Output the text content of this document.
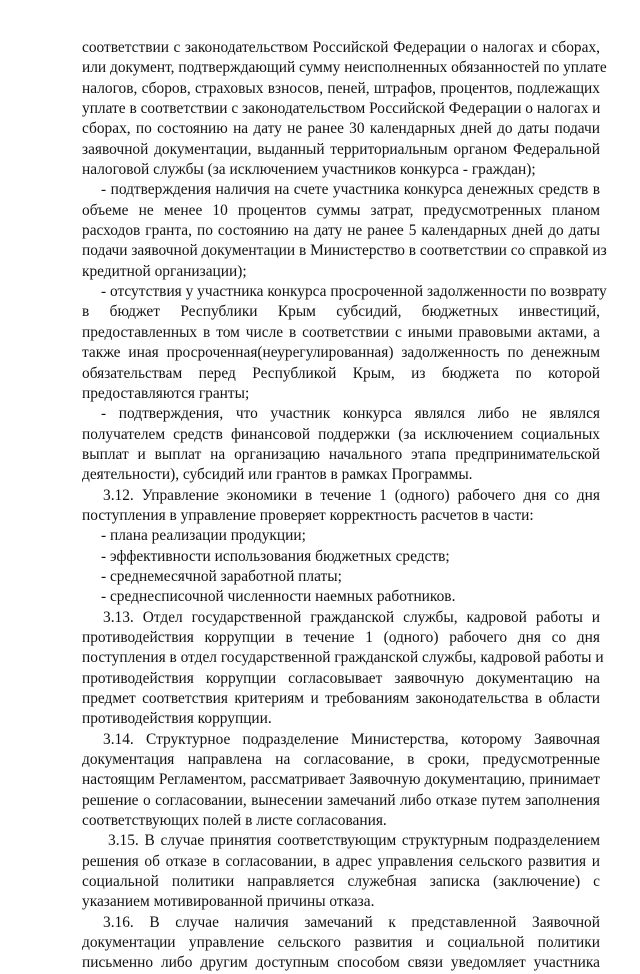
соответствии с законодательством Российской Федерации о налогах и сборах,
или документ, подтверждающий сумму неисполненных обязанностей по уплате
налогов, сборов, страховых взносов, пеней, штрафов, процентов, подлежащих
уплате в соответствии с законодательством Российской Федерации о налогах и
сборах, по состоянию на дату не ранее 30 календарных дней до даты подачи
заявочной документации, выданный территориальным органом Федеральной
налоговой службы (за исключением участников конкурса - граждан);
- подтверждения наличия на счете участника конкурса денежных средств в
объеме не менее 10 процентов суммы затрат, предусмотренных планом
расходов гранта, по состоянию на дату не ранее 5 календарных дней до даты
подачи заявочной документации в Министерство в соответствии со справкой из
кредитной организации);
- отсутствия у участника конкурса просроченной задолженности по возврату
в бюджет Республики Крым субсидий, бюджетных инвестиций,
предоставленных в том числе в соответствии с иными правовыми актами, а
также иная просроченная(неурегулированная) задолженность по денежным
обязательствам перед Республикой Крым, из бюджета по которой
предоставляются гранты;
- подтверждения, что участник конкурса являлся либо не являлся
получателем средств финансовой поддержки (за исключением социальных
выплат и выплат на организацию начального этапа предпринимательской
деятельности), субсидий или грантов в рамках Программы.
3.12. Управление экономики в течение 1 (одного) рабочего дня со дня
поступления в управление проверяет корректность расчетов в части:
- плана реализации продукции;
- эффективности использования бюджетных средств;
- среднемесячной заработной платы;
- среднесписочной численности наемных работников.
3.13. Отдел государственной гражданской службы, кадровой работы и
противодействия коррупции в течение 1 (одного) рабочего дня со дня
поступления в отдел государственной гражданской службы, кадровой работы и
противодействия коррупции согласовывает заявочную документацию на
предмет соответствия критериям и требованиям законодательства в области
противодействия коррупции.
3.14. Структурное подразделение Министерства, которому Заявочная
документация направлена на согласование, в сроки, предусмотренные
настоящим Регламентом, рассматривает Заявочную документацию, принимает
решение о согласовании, вынесении замечаний либо отказе путем заполнения
соответствующих полей в листе согласования.
3.15. В случае принятия соответствующим структурным подразделением
решения об отказе в согласовании, в адрес управления сельского развития и
социальной политики направляется служебная записка (заключение) с
указанием мотивированной причины отказа.
3.16. В случае наличия замечаний к представленной Заявочной
документации управление сельского развития и социальной политики
письменно либо другим доступным способом связи уведомляет участника
